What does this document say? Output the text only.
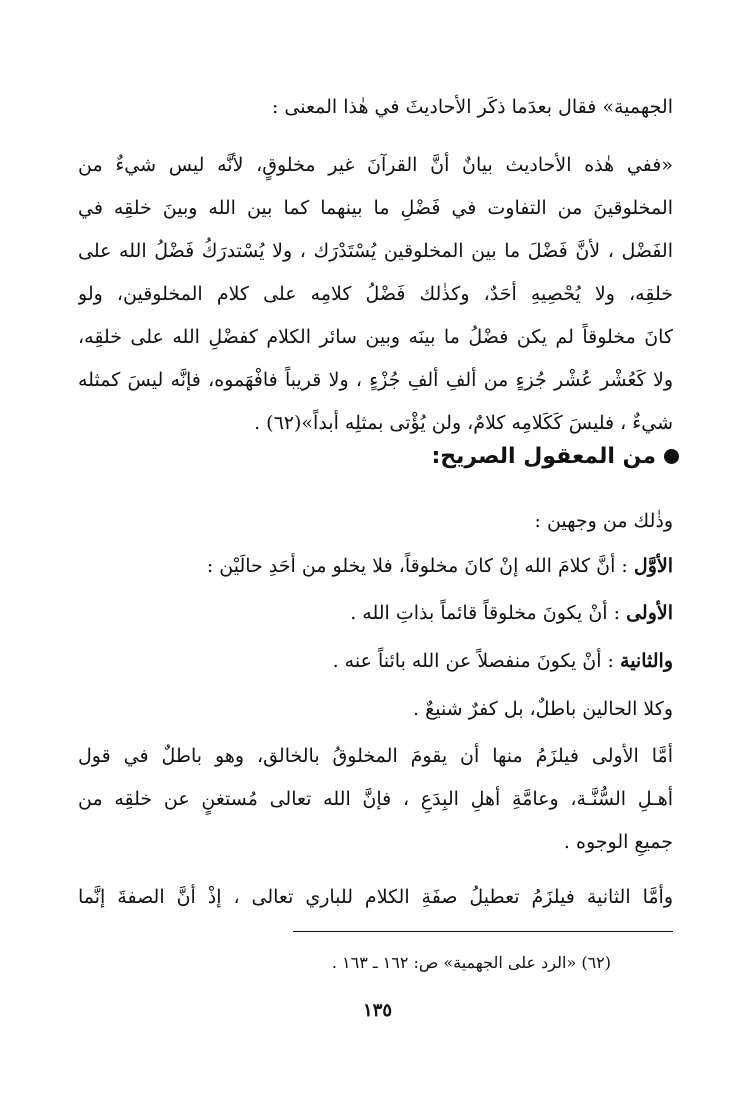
الجهمية» فقال بعدَما ذكَر الأحاديثَ في هٰذا المعنى :
«ففي هٰذه الأحاديث بيانٌ أنَّ القرآنَ غير مخلوقٍ، لأنَّه ليس شيءٌ من
المخلوقينَ من التفاوت في فَضْلِ ما بينهما كما بين الله وبينَ خلقِه في
الفَضْل ، لأنَّ فَضْلَ ما بين المخلوقين يُسْتَدْرَك ، ولا يُسْتدرَكُ فَضْلُ الله على
خلقِه، ولا يُحْصِيهِ أحَدٌ، وكذٰلك فَضْلُ كلامِه على كلام المخلوقين، ولو
كانَ مخلوقاً لم يكن فضْلُ ما بينَه وبين سائر الكلام كفضْلِ الله على خلقِه،
ولا كَعُشْر عُشْر جُزءٍ من ألفِ ألفِ جُزْءٍ ، ولا قريباً فافْهَموه، فإنَّه ليسَ كمثله
شيءٌ ، فليسَ كَكَلامِه كلامٌ، ولن يُؤْتى بمثلِه أبداً»(٦٢) .
من المعقول الصريح:
وذٰلك من وجهين :
الأوَّل : أنَّ كلامَ الله إنْ كانَ مخلوقاً، فلا يخلو من أحَدِ حالَيْن :
الأولى : أنْ يكونَ مخلوقاً قائماً بذاتِ الله .
والثانية : أنْ يكونَ منفصلاً عن الله بائناً عنه .
وكلا الحالين باطلٌ، بل كفرٌ شنيعٌ .
أمَّا الأولى فيلزَمُ منها أن يقومَ المخلوقُ بالخالق، وهو باطلٌ في قول
أهـلِ السُّنَّـة، وعامَّةِ أهلِ البِدَعِ ، فإنَّ الله تعالى مُستغنٍ عن خلقِه من
جميعِ الوجوه .
وأمَّا الثانية فيلزَمُ تعطيلُ صفَةِ الكلام للباري تعالى ، إذْ أنَّ الصفةَ إنَّما
(٦٢) «الرد على الجهمية» ص: ١٦٢ ـ ١٦٣ .
١٣٥
